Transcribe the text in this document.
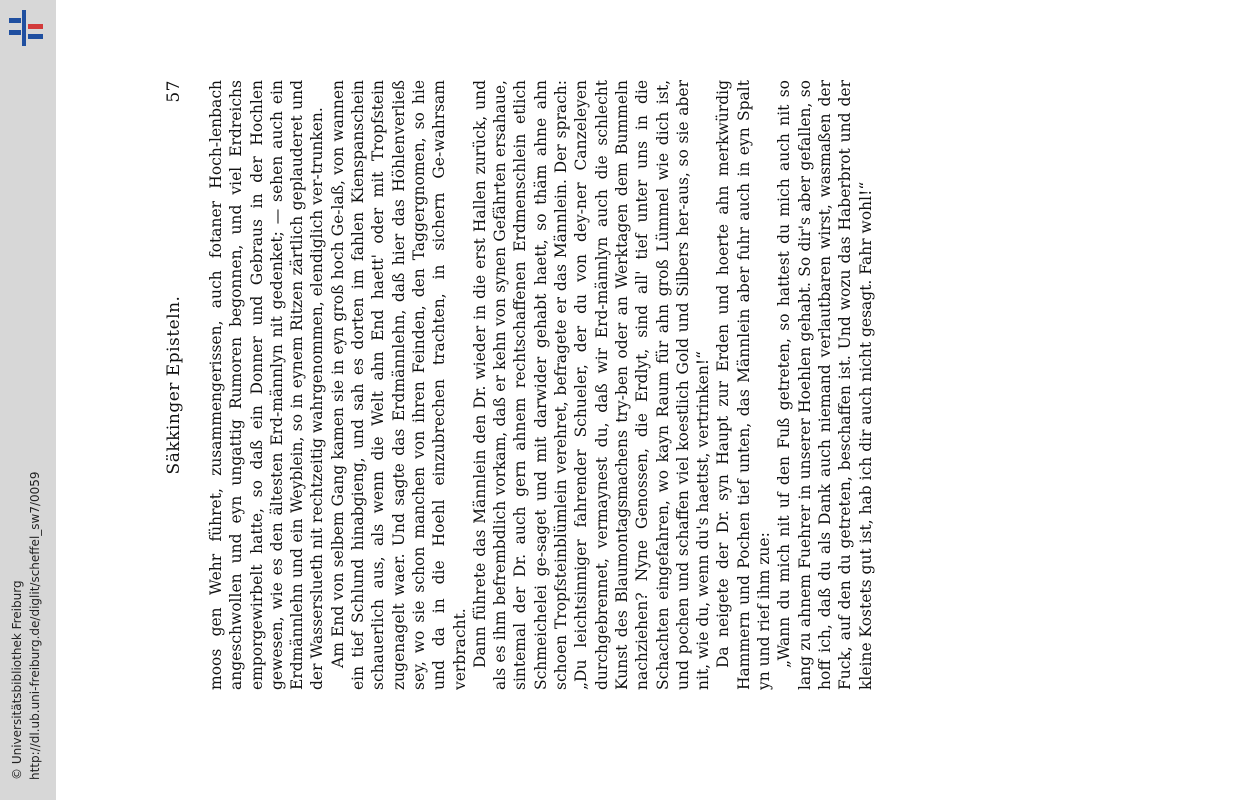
http://dl.ub.uni-freiburg.de/diglit/scheffel_sw7/0059
© Universitätsbibliothek Freiburg
Säkkinger Episteln.
57 moos gen Wehr führet, zusammengerissen, auch fotaner Hoch-lenbach angeschwollen und eyn ungattig Rumoren begonnen, und viel Erdreichs emporgewirbelt hatte, so daß ein Donner und Gebraus in der Hochlen gewesen, wie es den ältesten Erd-männlyn nit gedenket; — sehen auch ein Erdmännlehn und ein Weyblein, so in eynem Ritzen zärtlich geplauderet und der Wasserslueth nit rechtzeitig wahrgenommen, elendiglich ver-trunken. Am End von selbem Gang kamen sie in eyn groß hoch Ge-laß, von wannen ein tief Schlund hinabgieng, und sah es dorten im fahlen Kienspanschein schauerlich aus, als wenn die Welt ahn End haett' oder mit Tropfstein zugenagelt waer. Und sagte das Erdmännlehn, daß hier das Höhlenverließ sey, wo sie schon manchen von ihren Feinden, den Taggergnomen, so hie und da in die Hoehl einzubrechen trachten, in sichern Ge-wahrsam verbracht. Dann führete das Männlein den Dr. wieder in die erst Hallen zurück, und als es ihm befrembdlich vorkam, daß er kehn von synen Gefährten ersahaue, sintemal der Dr. auch gern ahnem rechtschaffenen Erdmenschlein etlich Schmeichelei ge-saget und mit darwider gehabt haett, so thäm ahne ahn schoen Tropfsteinblümlein verehret, befragete er das Männlein. Der sprach: „Du leichtsinniger fahrender Schueler, der du von dey-ner Canzeleyen durchgebrennet, vermaynest du, daß wir Erd-männlyn auch die schlecht Kunst des Blaumontagsmachens try-ben oder an Werktagen dem Bummeln nachziehen? Nyne Genossen, die Erdlyt, sind all' tief unter uns in die Schachten eingefahren, wo kayn Raum für ahn groß Lümmel wie dich ist, und pochen und schaffen viel koestlich Gold und Silbers her-aus, so sie aber nit, wie du, wenn du's haettst, vertrinken!“ Da neigete der Dr. syn Haupt zur Erden und hoerte ahn merkwürdig Hammern und Pochen tief unten, das Männlein aber fuhr auch in eyn Spalt yn und rief ihm zue: „Wann du mich nit uf den Fuß getreten, so hattest du mich auch nit so lang zu ahnem Fuehrer in unserer Hoehlen gehabt. So dir's aber gefallen, so hoff ich, daß du als Dank auch niemand verlautbaren wirst, wasmaßen der Fuck, auf den du getreten, beschaffen ist. Und wozu das Haberbrot und der kleine Kostets gut ist, hab ich dir auch nicht gesagt. Fahr wohl!“
